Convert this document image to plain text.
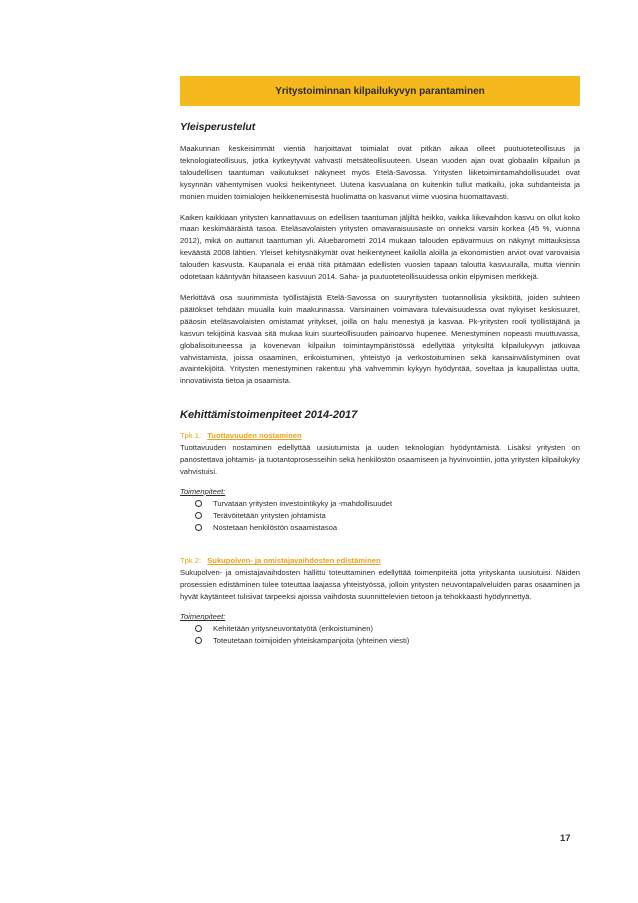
Yritystoiminnan kilpailukyvyn parantaminen
Yleisperustelut

Maakunnan keskeisimmät vientiä harjoittavat toimialat ovat pitkän aikaa olleet puutuoteteollisuus ja teknologiateollisuus, jotka kytkeytyvät vahvasti metsäteollisuuteen. Usean vuoden ajan ovat globaalin kilpailun ja taloudellisen taantuman vaikutukset näkyneet myös Etelä-Savossa. Yritysten liiketoimintamahdollisuudet ovat kysynnän vähentymisen vuoksi heikentyneet. Uutena kasvualana on kuitenkin tullut matkailu, joka suhdanteista ja monien muiden toimialojen heikkenemisestä huolimatta on kasvanut viime vuosina huomattavasti.

Kaiken kaikkiaan yritysten kannattavuus on edellisen taantuman jäljiltä heikko, vaikka liikevaihdon kasvu on ollut koko maan keskimääräistä tasoa. Eteläsavolaisten yritysten omavaraisuusaste on onneksi varsin korkea (45 %, vuonna 2012), mikä on auttanut taantuman yli. Aluebarometri 2014 mukaan talouden epävarmuus on näkynyt mittauksissa keväästä 2008 lähtien. Yleiset kehitysnäkymät ovat heikentyneet kaikilla aloilla ja ekonomistien arviot ovat varovaisia talouden kasvusta. Kaupanala ei enää riitä pitämään edellisten vuosien tapaan taloutta kasvuuralla, mutta viennin odotetaan kääntyvän hitaaseen kasvuun 2014. Saha- ja puutuoteteollisuudessa onkin elpymisen merkkejä.

Merkittävä osa suurimmista työllistäjistä Etelä-Savossa on suuryritysten tuotannollisia yksiköitä, joiden suhteen päätökset tehdään muualla kuin maakunnassa. Varsinainen voimavara tulevaisuudessa ovat nykyiset keskisuuret, pääosin eteläsavolaisten omistamat yritykset, joilla on halu menestyä ja kasvaa. Pk-yritysten rooli työllistäjänä ja kasvun tekijöinä kasvaa sitä mukaa kuin suurteollisuuden painoarvo hupenee. Menestyminen nopeasti muuttuvassa, globalisoituneessa ja kovenevan kilpailun toimintaympäristössä edellyttää yrityksiltä kilpailukyvyn jatkuvaa vahvistamista, joissa osaaminen, erikoistuminen, yhteistyö ja verkostoituminen sekä kansainvälistyminen ovat avaintekijöitä. Yritysten menestyminen rakentuu yhä vahvemmin kykyyn hyödyntää, soveltaa ja kaupallistaa uutta, innovatiivista tietoa ja osaamista.

Kehittämistoimenpiteet 2014-2017
Tpk 1: Tuottavuuden nostaminen

Tuottavuuden nostaminen edellyttää uusiutumista ja uuden teknologian hyödyntämistä. Lisäksi yritysten on panostettava johtamis- ja tuotantoprosesseihin sekä henkilöstön osaamiseen ja hyvinvointiin, jotta yritysten kilpailukyky vahvistuisi.

Toimenpiteet:
Turvataan yritysten investointikyky ja -mahdollisuudet
Terävöitetään yritysten johtamista
Nostetaan henkilöstön osaamistasoa
Tpk 2: Sukupolven- ja omistajavaihdosten edistäminen

Sukupolven- ja omistajavaihdosten hallittu toteuttaminen edellyttää toimenpiteitä jotta yrityskanta uusiutuisi. Näiden prosessien edistäminen tulee toteuttaa laajassa yhteistyössä, jolloin yritysten neuvontapalveluiden paras osaaminen ja hyvät käytänteet tulisivat tarpeeksi ajoissa vaihdosta suunnittelevien tietoon ja tehokkaasti hyödynnettyä.

Toimenpiteet:
Kehitetään yritysneuvontatyötä (erikoistuminen)
Toteutetaan toimijoiden yhteiskampanjoita (yhteinen viesti)
17
